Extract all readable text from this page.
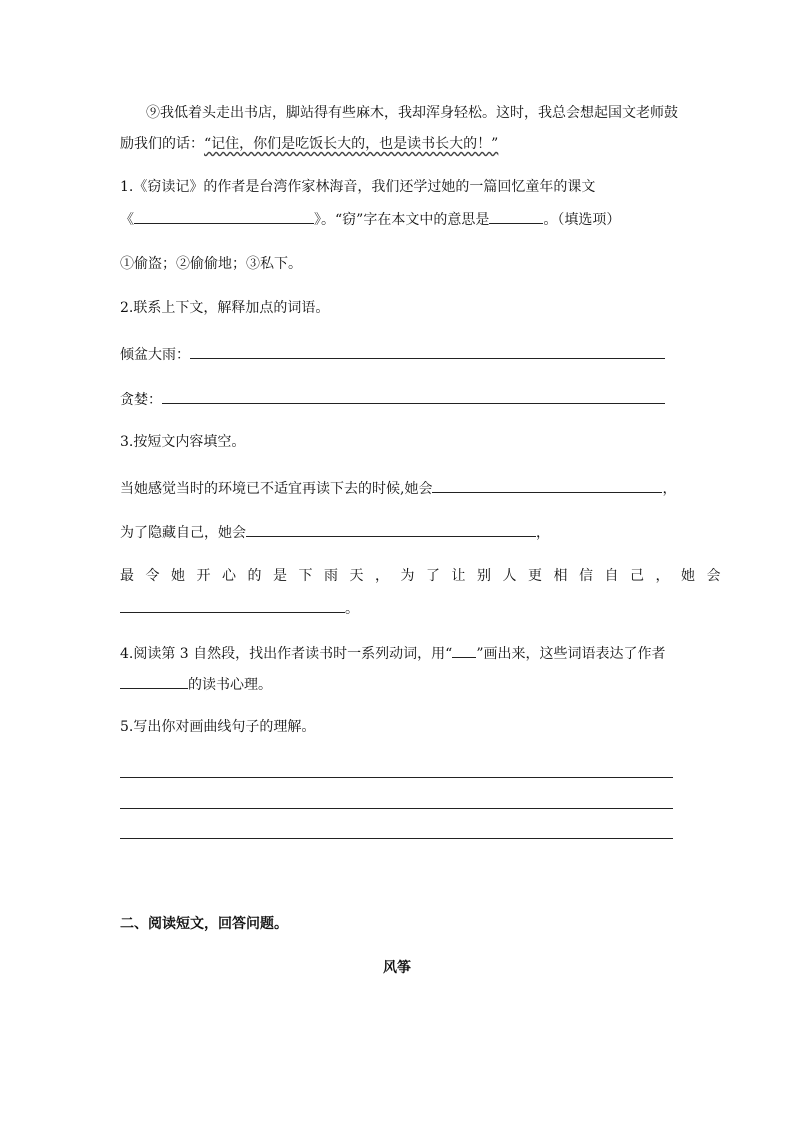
⑨我低着头走出书店，脚站得有些麻木，我却浑身轻松。这时，我总会想起国文老师鼓
励我们的话：“记住，你们是吃饭长大的，也是读书长大的！”
1.《窃读记》的作者是台湾作家林海音，我们还学过她的一篇回忆童年的课文
《	》。“窃”字在本文中的意思是	。（填选项）
①偷盗；②偷偷地；③私下。
2.联系上下文，解释加点的词语。
倾盆大雨：
贪婪：
3.按短文内容填空。
当她感觉当时的环境已不适宜再读下去的时候,她会	，
为了隐藏自己，她会	，
最令她开心的是下雨天，为了让别人更相信自己，她会
。
4.阅读第 3 自然段，找出作者读书时一系列动词，用“ ”画出来，这些词语表达了作者
的读书心理。
5.写出你对画曲线句子的理解。
二、阅读短文，回答问题。
风筝
